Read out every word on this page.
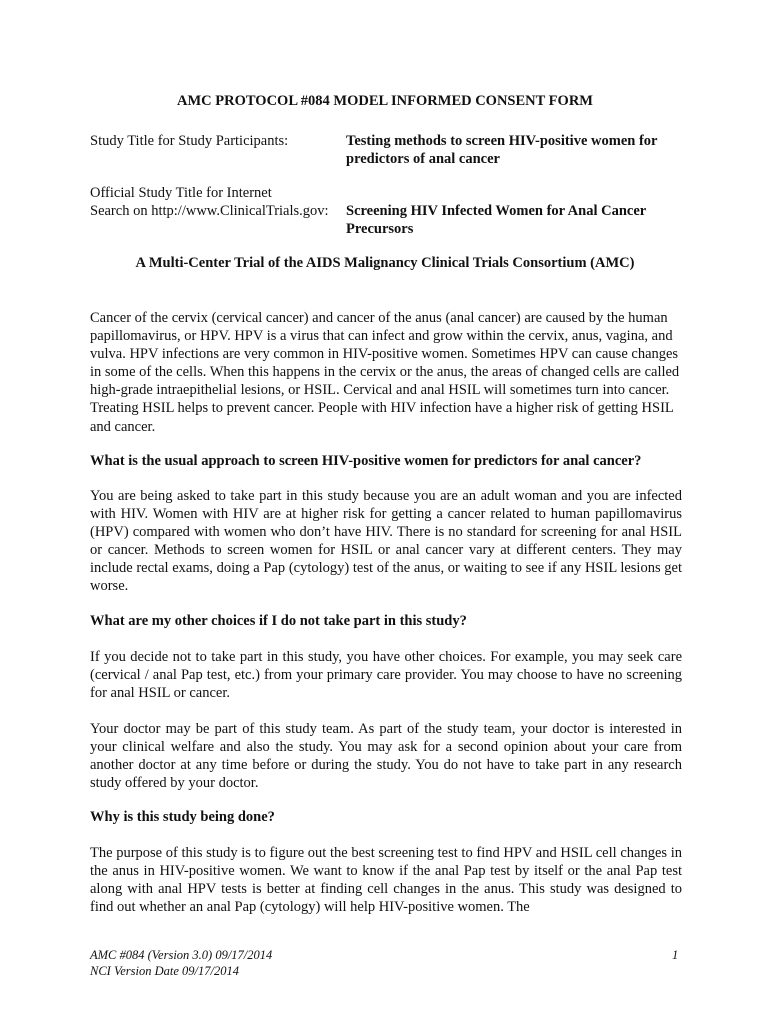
AMC PROTOCOL #084 MODEL INFORMED CONSENT FORM
Study Title for Study Participants:	Testing methods to screen HIV-positive women for
predictors of anal cancer
Official Study Title for Internet
Search on http://www.ClinicalTrials.gov: Screening HIV Infected Women for Anal Cancer
Precursors
A Multi-Center Trial of the AIDS Malignancy Clinical Trials Consortium (AMC)

Cancer of the cervix (cervical cancer) and cancer of the anus (anal cancer) are caused by the human papillomavirus, or HPV. HPV is a virus that can infect and grow within the cervix, anus, vagina, and vulva. HPV infections are very common in HIV-positive women. Sometimes HPV can cause changes in some of the cells. When this happens in the cervix or the anus, the areas of changed cells are called high-grade intraepithelial lesions, or HSIL. Cervical and anal HSIL will sometimes turn into cancer. Treating HSIL helps to prevent cancer. People with HIV infection have a higher risk of getting HSIL and cancer.

What is the usual approach to screen HIV-positive women for predictors for anal cancer?

You are being asked to take part in this study because you are an adult woman and you are infected with HIV. Women with HIV are at higher risk for getting a cancer related to human papillomavirus (HPV) compared with women who don’t have HIV. There is no standard for screening for anal HSIL or cancer. Methods to screen women for HSIL or anal cancer vary at different centers. They may include rectal exams, doing a Pap (cytology) test of the anus, or waiting to see if any HSIL lesions get worse.

What are my other choices if I do not take part in this study?

If you decide not to take part in this study, you have other choices. For example, you may seek care (cervical / anal Pap test, etc.) from your primary care provider. You may choose to have no screening for anal HSIL or cancer.

Your doctor may be part of this study team. As part of the study team, your doctor is interested in your clinical welfare and also the study. You may ask for a second opinion about your care from another doctor at any time before or during the study. You do not have to take part in any research study offered by your doctor.

Why is this study being done?

The purpose of this study is to figure out the best screening test to find HPV and HSIL cell changes in the anus in HIV-positive women. We want to know if the anal Pap test by itself or the anal Pap test along with anal HPV tests is better at finding cell changes in the anus. This study was designed to find out whether an anal Pap (cytology) will help HIV-positive women. The

AMC #084 (Version 3.0) 09/17/2014
NCI Version Date 09/17/2014
1
